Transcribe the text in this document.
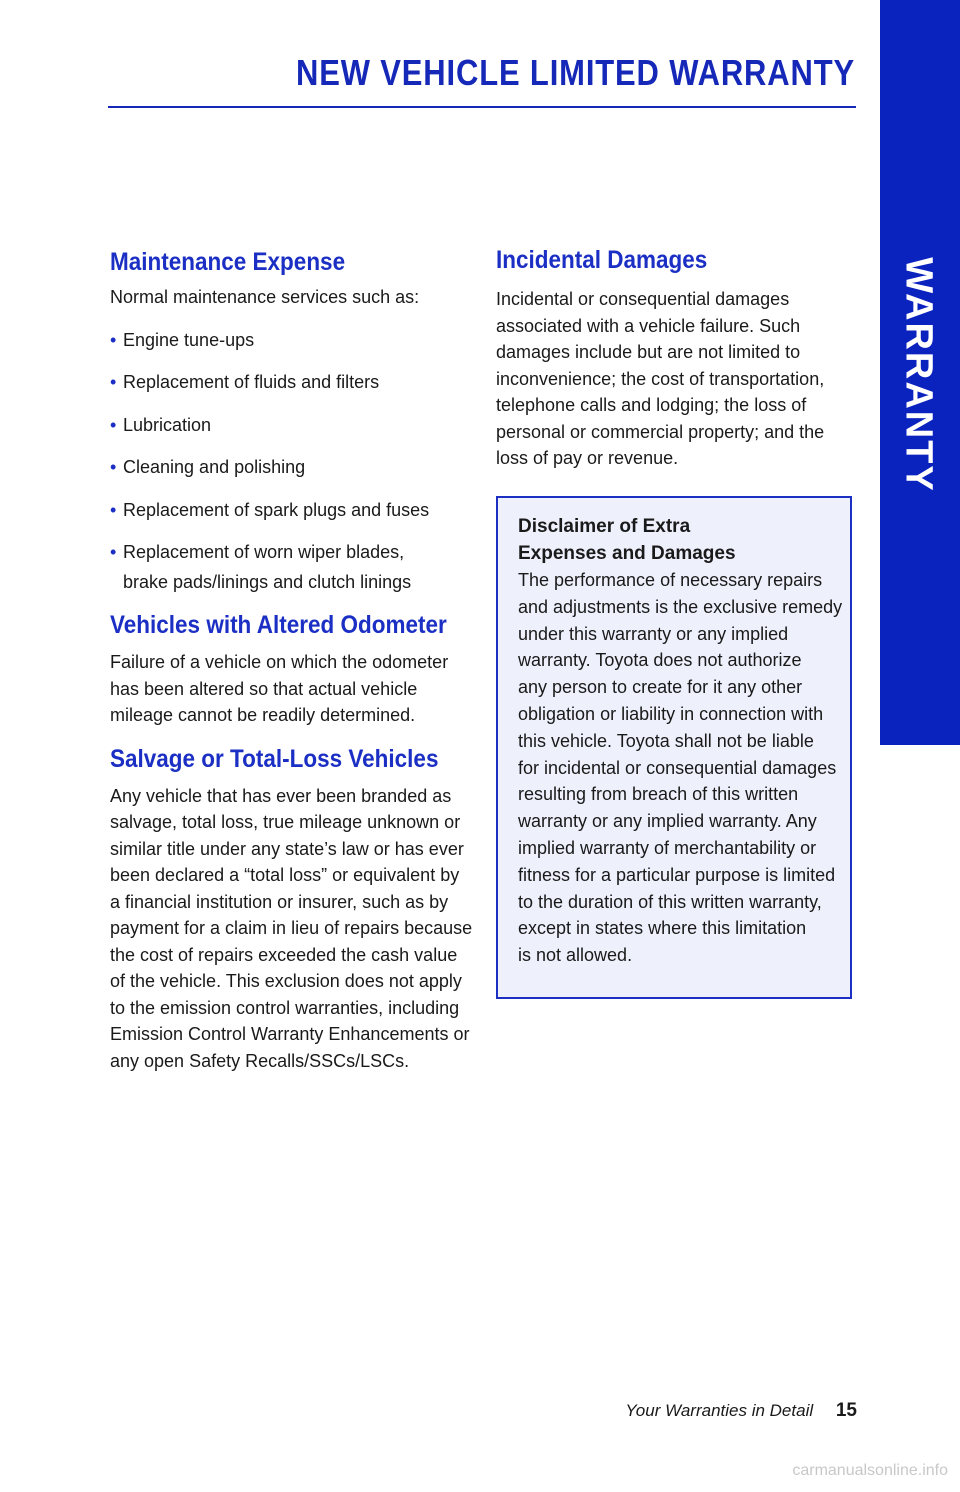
NEW VEHICLE LIMITED WARRANTY
WARRANTY
Maintenance Expense

Normal maintenance services such as:

• Engine tune-ups
• Replacement of fluids and filters
• Lubrication
• Cleaning and polishing
• Replacement of spark plugs and fuses
• Replacement of worn wiper blades,
brake pads/linings and clutch linings
Vehicles with Altered Odometer
Failure of a vehicle on which the odometer
has been altered so that actual vehicle
mileage cannot be readily determined.
Salvage or Total-Loss Vehicles
Any vehicle that has ever been branded as
salvage, total loss, true mileage unknown or
similar title under any state’s law or has ever
been declared a “total loss” or equivalent by
a financial institution or insurer, such as by
payment for a claim in lieu of repairs because
the cost of repairs exceeded the cash value
of the vehicle. This exclusion does not apply
to the emission control warranties, including
Emission Control Warranty Enhancements or
any open Safety Recalls/SSCs/LSCs.
Incidental Damages
Incidental or consequential damages
associated with a vehicle failure. Such
damages include but are not limited to
inconvenience; the cost of transportation,
telephone calls and lodging; the loss of
personal or commercial property; and the
loss of pay or revenue.
Disclaimer of Extra
Expenses and Damages
The performance of necessary repairs
and adjustments is the exclusive remedy
under this warranty or any implied
warranty. Toyota does not authorize
any person to create for it any other
obligation or liability in connection with
this vehicle. Toyota shall not be liable
for incidental or consequential damages
resulting from breach of this written
warranty or any implied warranty. Any
implied warranty of merchantability or
fitness for a particular purpose is limited
to the duration of this written warranty,
except in states where this limitation
is not allowed.
Your Warranties in Detail 15
carmanualsonline.info
